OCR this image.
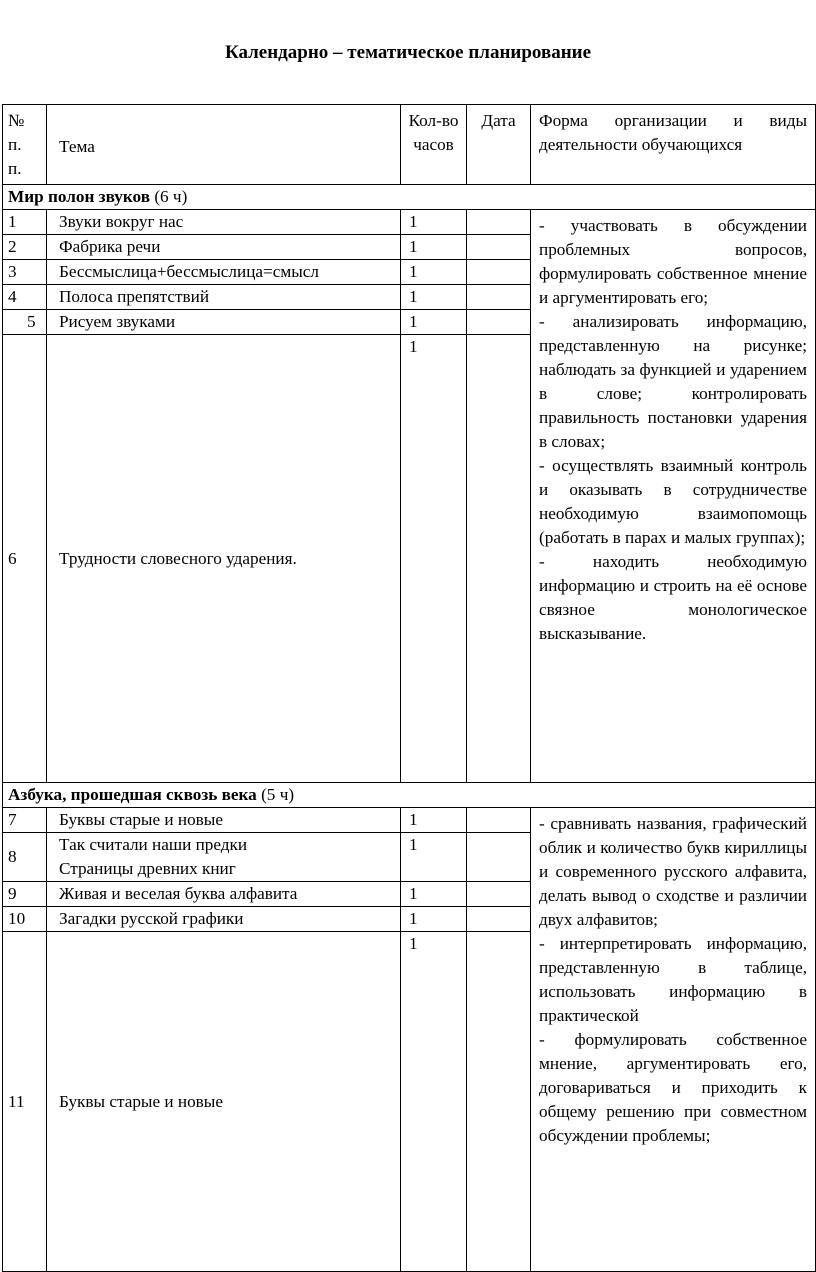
Календарно – тематическое планирование
№ п. п.	Тема	Кол-во часов	Дата	Форма организации и виды деятельности обучающихся
Мир полон звуков (6 ч)				
1	Звуки вокруг нас	1		- участвовать в обсуждении проблемных вопросов, формулировать собственное мнение и аргументировать его;
- анализировать информацию, представленную на рисунке; наблюдать за функцией и ударением в слове; контролировать правильность постановки ударения в словах;
- осуществлять взаимный контроль и оказывать в сотрудничестве необходимую взаимопомощь (работать в парах и малых группах);
- находить необходимую информацию и строить на её основе связное монологическое высказывание.
2	Фабрика речи	1		
3	Бессмыслица+бессмыслица=смысл	1		
4	Полоса препятствий	1		
5	Рисуем звуками	1		
6	Трудности словесного ударения.	1		
Азбука, прошедшая сквозь века (5 ч)				
7	Буквы старые и новые	1		- сравнивать названия, графический облик и количество букв кириллицы и современного русского алфавита, делать вывод о сходстве и различии двух алфавитов;
- интерпретировать информацию, представленную в таблице, использовать информацию в практической
- формулировать собственное мнение, аргументировать его, договариваться и приходить к общему решению при совместном обсуждении проблемы;
8	Так считали наши предки
Страницы древних книг	1		
9	Живая и веселая буква алфавита	1		
10	Загадки русской графики	1		
11	Буквы старые и новые	1		
